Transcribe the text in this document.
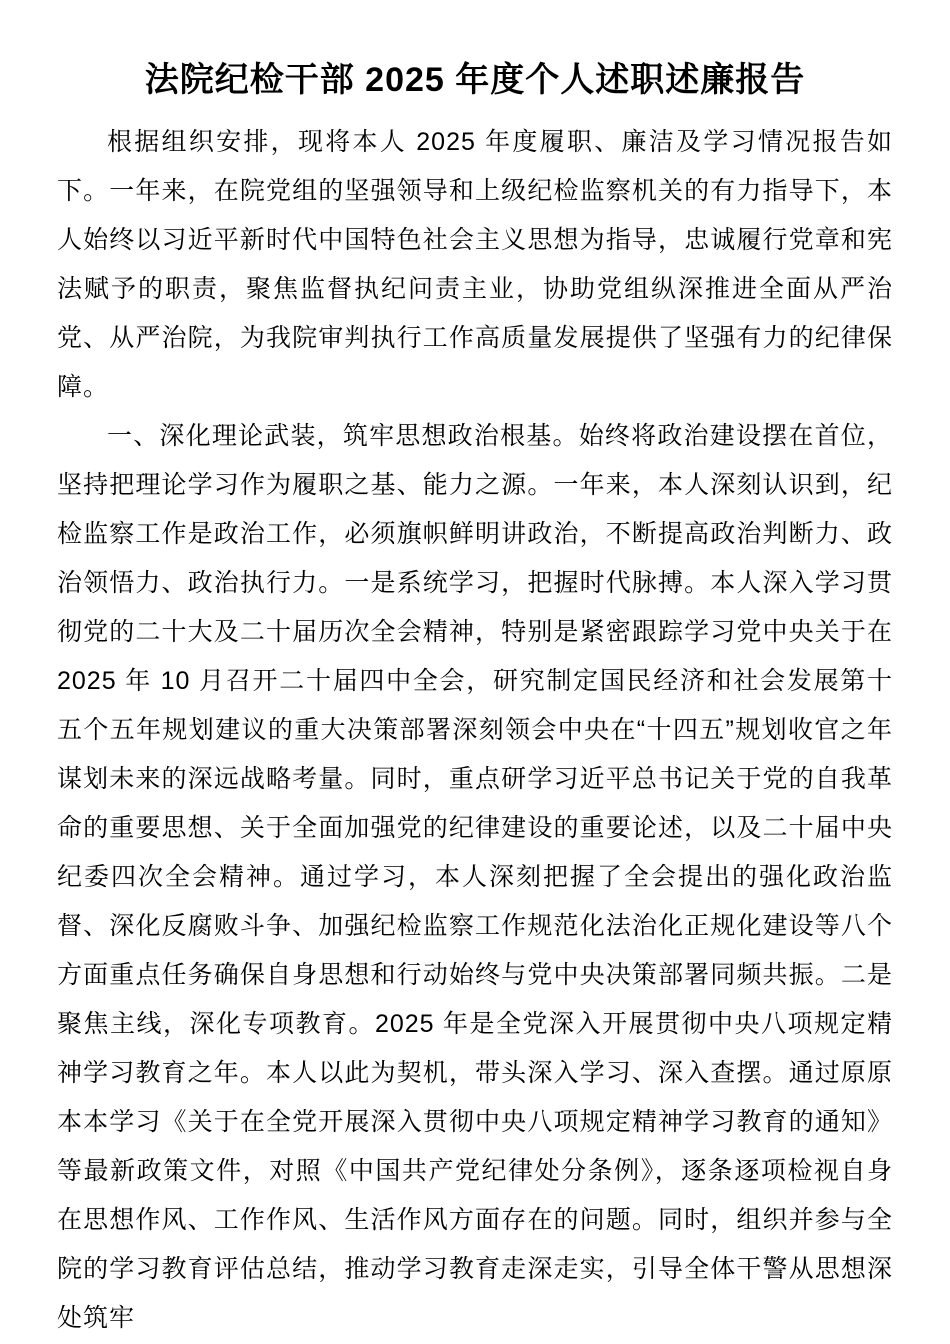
法院纪检干部 2025 年度个人述职述廉报告

根据组织安排，现将本人 2025 年度履职、廉洁及学习情况报告如下。一年来，在院党组的坚强领导和上级纪检监察机关的有力指导下，本人始终以习近平新时代中国特色社会主义思想为指导，忠诚履行党章和宪法赋予的职责，聚焦监督执纪问责主业，协助党组纵深推进全面从严治党、从严治院，为我院审判执行工作高质量发展提供了坚强有力的纪律保障。

一、深化理论武装，筑牢思想政治根基。始终将政治建设摆在首位，坚持把理论学习作为履职之基、能力之源。一年来，本人深刻认识到，纪检监察工作是政治工作，必须旗帜鲜明讲政治，不断提高政治判断力、政治领悟力、政治执行力。一是系统学习，把握时代脉搏。本人深入学习贯彻党的二十大及二十届历次全会精神，特别是紧密跟踪学习党中央关于在 2025 年 10 月召开二十届四中全会，研究制定国民经济和社会发展第十五个五年规划建议的重大决策部署深刻领会中央在“十四五”规划收官之年谋划未来的深远战略考量。同时，重点研学习近平总书记关于党的自我革命的重要思想、关于全面加强党的纪律建设的重要论述，以及二十届中央纪委四次全会精神。通过学习，本人深刻把握了全会提出的强化政治监督、深化反腐败斗争、加强纪检监察工作规范化法治化正规化建设等八个方面重点任务确保自身思想和行动始终与党中央决策部署同频共振。二是聚焦主线，深化专项教育。2025 年是全党深入开展贯彻中央八项规定精神学习教育之年。本人以此为契机，带头深入学习、深入查摆。通过原原本本学习《关于在全党开展深入贯彻中央八项规定精神学习教育的通知》等最新政策文件，对照《中国共产党纪律处分条例》，逐条逐项检视自身在思想作风、工作作风、生活作风方面存在的问题。同时，组织并参与全院的学习教育评估总结，推动学习教育走深走实，引导全体干警从思想深处筑牢
